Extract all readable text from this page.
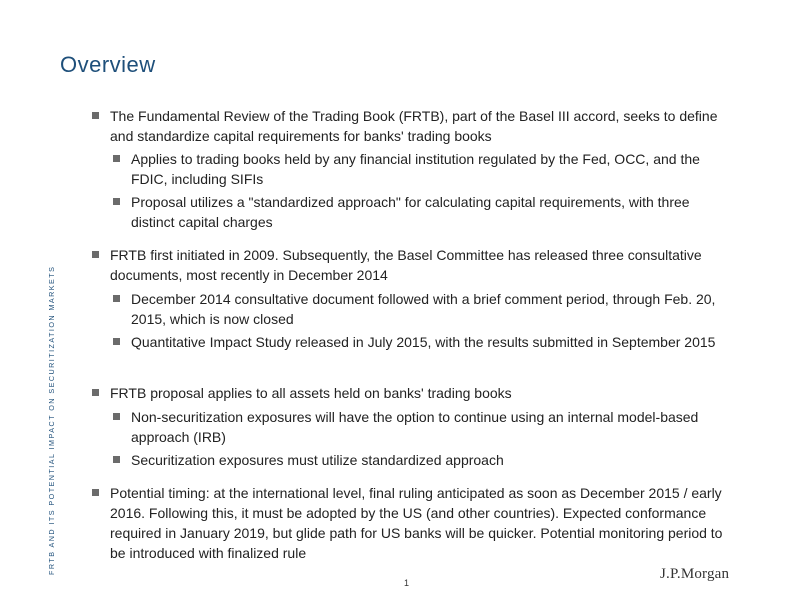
Overview
FRTB AND ITS POTENTIAL IMPACT ON SECURITIZATION MARKETS
The Fundamental Review of the Trading Book (FRTB), part of the Basel III accord, seeks to define and standardize capital requirements for banks' trading books
Applies to trading books held by any financial institution regulated by the Fed, OCC, and the FDIC, including SIFIs
Proposal utilizes a "standardized approach" for calculating capital requirements, with three distinct capital charges
FRTB first initiated in 2009. Subsequently, the Basel Committee has released three consultative documents, most recently in December 2014
December 2014 consultative document followed with a brief comment period, through Feb. 20, 2015, which is now closed
Quantitative Impact Study released in July 2015, with the results submitted in September 2015
FRTB proposal applies to all assets held on banks' trading books
Non-securitization exposures will have the option to continue using an internal model-based approach (IRB)
Securitization exposures must utilize standardized approach
Potential timing: at the international level, final ruling anticipated as soon as December 2015 / early 2016. Following this, it must be adopted by the US (and other countries). Expected conformance required in January 2019, but glide path for US banks will be quicker. Potential monitoring period to be introduced with finalized rule
1
J.P.Morgan
